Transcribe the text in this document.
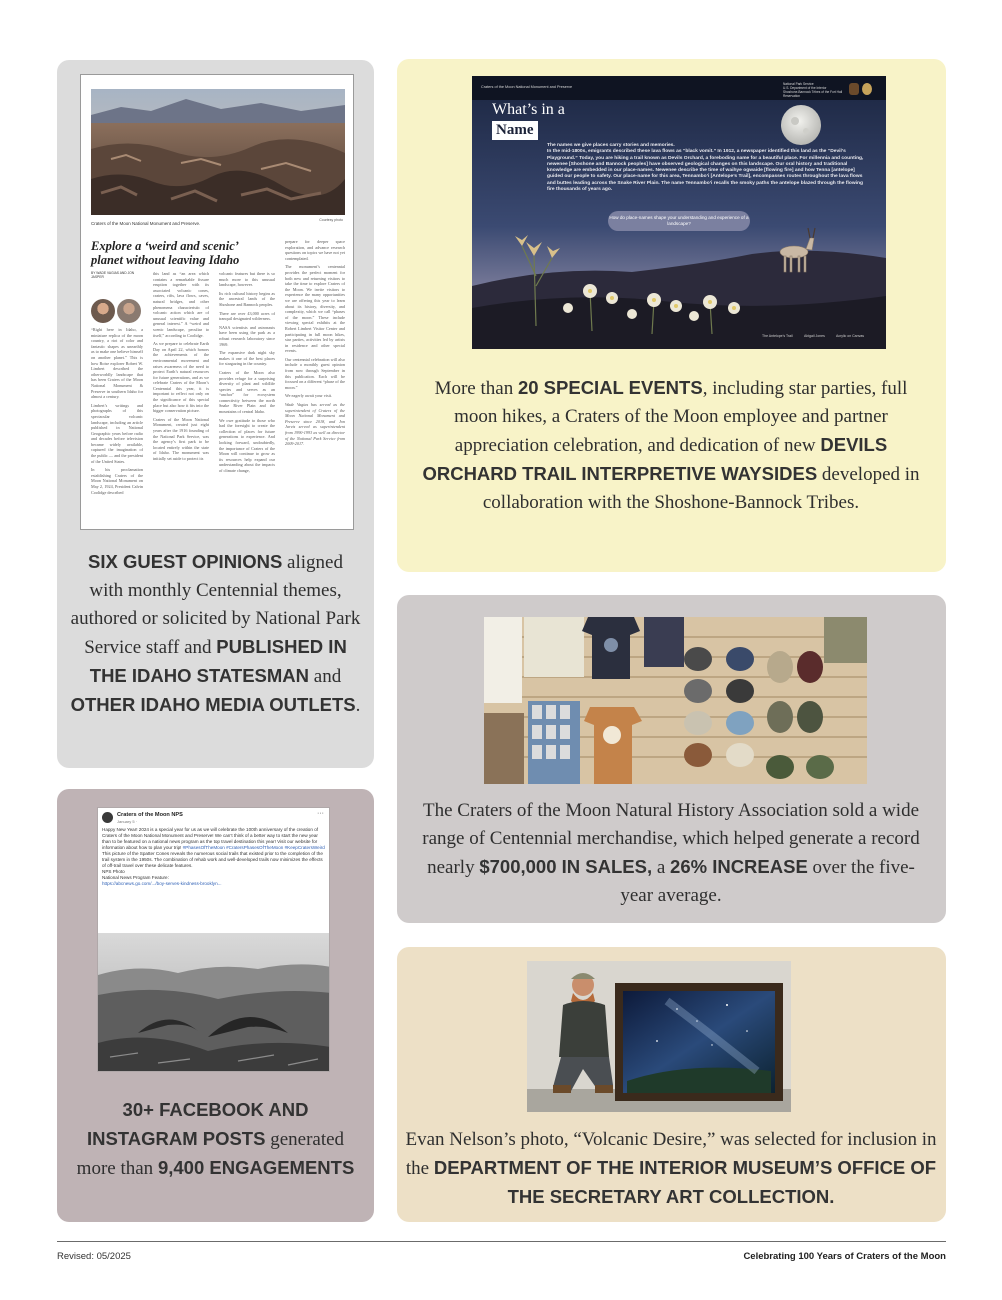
Craters of the Moon National Monument and Preserve.
Courtesy photo
Explore a ‘weird and scenic’ planet without leaving Idaho
BY WADE VAGIAS AND JON JASPER

“Right here in Idaho, a miniature replica of the moon country, a riot of color and fantastic shapes as unearthly as to make one believe himself on another planet.” This is how Boise explorer Robert W. Limbert described the otherworldly landscape that has been Craters of the Moon National Monument & Preserve in southern Idaho for almost a century.

Limbert’s writings and photographs of this spectacular volcanic landscape, including an article published in National Geographic years before radio and decades before television became widely available, captured the imagination of the public — and the president of the United States.

In his proclamation establishing Craters of the Moon National Monument on May 2, 1924, President Calvin Coolidge described

this land as “an area which contains a remarkable fissure eruption together with its associated volcanic cones, craters, rifts, lava flows, caves, natural bridges, and other phenomena characteristic of volcanic action which are of unusual scientific value and general interest.” A “weird and scenic landscape, peculiar to itself,” according to Coolidge.

As we prepare to celebrate Earth Day on April 22, which honors the achievements of the environmental movement and raises awareness of the need to protect Earth’s natural resources for future generations, and as we celebrate Craters of the Moon’s Centennial this year, it is important to reflect not only on the significance of this special place but also how it fits into the bigger conservation picture.

Craters of the Moon National Monument, created just eight years after the 1916 founding of the National Park Service, was the agency’s first park to be located entirely within the state of Idaho. The monument was initially set aside to protect its

volcanic features but there is so much more to this unusual landscape, however.

Its rich cultural history begins as the ancestral lands of the Shoshone and Bannock peoples.

There are over 43,000 acres of tranquil designated wilderness.

NASA scientists and astronauts have been using the park as a robust research laboratory since 1969.

The expansive dark night sky makes it one of the best places for stargazing in the country.

Craters of the Moon also provides refuge for a surprising diversity of plant and wildlife species and serves as an “anchor” for ecosystem connectivity between the north Snake River Plain and the mountains of central Idaho.

We owe gratitude to those who had the foresight to create the collection of places for future generations to experience. And looking forward, undoubtedly, the importance of Craters of the Moon will continue to grow as its resources help expand our understanding about the impacts of climate change,

prepare for deeper space exploration, and advance research questions on topics we have not yet contemplated.

The monument’s centennial provides the perfect moment for both new and returning visitors to take the time to explore Craters of the Moon. We invite visitors to experience the many opportunities we are offering this year to learn about its history, diversity, and complexity, which we call “phases of the moon.” These include viewing special exhibits at the Robert Limbert Visitor Center and participating in full moon hikes, star parties, activities led by artists in residence and other special events.

Our centennial celebration will also include a monthly guest opinion from now through September in this publication. Each will be focused on a different “phase of the moon.”

We eagerly await your visit.

Wade Vagias has served as the superintendent of Craters of the Moon National Monument and Preserve since 2018, and Jon Jarvis served as superintendent from 1990-1993 as well as director of the National Park Service from 2009-2017.

SIX GUEST OPINIONS aligned with monthly Centennial themes, authored or solicited by National Park Service staff and PUBLISHED IN THE IDAHO STATESMAN and OTHER IDAHO MEDIA OUTLETS.
Craters of the Moon National Monument and Preserve
National Park Service
U.S. Department of the Interior
Shoshone-Bannock Tribes of the Fort Hall Reservation
What’s in a
Name
The names we give places carry stories and memories.
In the mid-1800s, emigrants described these lava flows as “black vomit.” In 1912, a newspaper identified this land as the “Devil’s Playground.” Today, you are hiking a trail known as Devils Orchard, a foreboding name for a beautiful place. For millennia and counting, newenee [Shoshone and Bannock peoples] have observed geological changes on this landscape. Our oral history and traditional knowledge are embedded in our place-names. Newenee describe the time of waihye ogwaide [flowing fire] and how Tenna [antelope] guided our people to safety. Our place-name for this area, Tennambo’i [Antelope’s Trail], encompasses routes throughout the lava flows and buttes leading across the Snake River Plain. The name Tennambo’i recalls the smoky paths the antelope blazed through the flowing fire thousands of years ago.
How do place-names shape your understanding and experience of a landscape?
The Antelope’s Trail	Abigail Jones	Acrylic on Canvas
More than 20 SPECIAL EVENTS, including star parties, full moon hikes, a Craters of the Moon employee and partner appreciation celebration, and dedication of new DEVILS ORCHARD TRAIL INTERPRETIVE WAYSIDES developed in collaboration with the Shoshone-Bannock Tribes.
Craters of the Moon NPS
January 5 ·
···
Happy New Year! 2024 is a special year for us as we will celebrate the 100th anniversary of the creation of Craters of the Moon National Monument and Preserve! We can’t think of a better way to start the new year than to be featured on a national news program as the top travel destination this year! Visit our website for information about how to plan your trip! #PhasesOfTheMoon #CratersPhasesOfTheMoon #KeepCratersWeird
This picture of the Spatter Cones reveals the numerous social trails that existed prior to the completion of the trail system in the 1950s. The combination of rehab work and well-developed trails now minimizes the effects of off-trail travel over these delicate features.
NPS Photo
National News Program Feature:
https://abcnews.go.com/.../boy-serves-kindness-brooklyn...
30+ FACEBOOK AND INSTAGRAM POSTS generated more than 9,400 ENGAGEMENTS
The Craters of the Moon Natural History Association sold a wide range of Centennial merchandise, which helped generate a record nearly $700,000 IN SALES, a 26% INCREASE over the five-year average.
Evan Nelson’s photo, “Volcanic Desire,” was selected for inclusion in the DEPARTMENT OF THE INTERIOR MUSEUM’S OFFICE OF THE SECRETARY ART COLLECTION.
Revised: 05/2025	Celebrating 100 Years of Craters of the Moon
